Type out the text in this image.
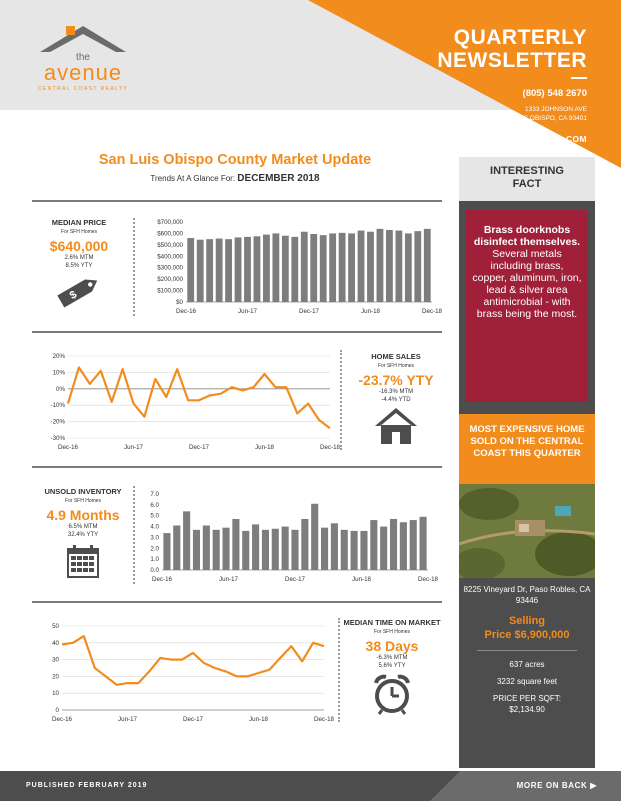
the
avenue
CENTRAL COAST REALTY
QUARTERLY
NEWSLETTER
(805) 548 2670
1333 JOHNSON AVE
SAN LUIS OBISPO, CA 93401
THEAVENUESLO.COM
San Luis Obispo County Market Update
Trends At A Glance For: DECEMBER 2018
MEDIAN PRICE
For SFH Homes
$640,000
2.6% MTM
8.5% YTY
$
$0
$100,000
$200,000
$300,000
$400,000
$500,000
$600,000
$700,000
Dec-16	Jun-17	Dec-17	Jun-18	Dec-18
-30%
-20%
-10%
0%
10%
20%
Dec-16	Jun-17	Dec-17	Jun-18	Dec-18
HOME SALES
For SFH Homes
-23.7% YTY
-16.3% MTM
-4.4% YTD
UNSOLD INVENTORY
For SFH Homes
4.9 Months
6.5% MTM
32.4% YTY
0.0
1.0
2.0
3.0
4.0
5.0
6.0
7.0
Dec-16	Jun-17	Dec-17	Jun-18	Dec-18
0
10
20
30
40
50
Dec-16	Jun-17	Dec-17	Jun-18	Dec-18
MEDIAN TIME ON MARKET
For SFH Homes
38 Days
-6.3% MTM
5.6% YTY
INTERESTING
FACT
Brass doorknobs disinfect themselves.
Several metals including brass, copper, aluminum, iron, lead & silver area antimicrobial - with brass being the most.
MOST EXPENSIVE HOME SOLD ON THE CENTRAL COAST THIS QUARTER
8225 Vineyard Dr, Paso Robles, CA 93446
Selling
Price $6,900,000
637 acres
3232 square feet
PRICE PER SQFT:
$2,134.90
PUBLISHED FEBRUARY 2019	MORE ON BACK ▶
